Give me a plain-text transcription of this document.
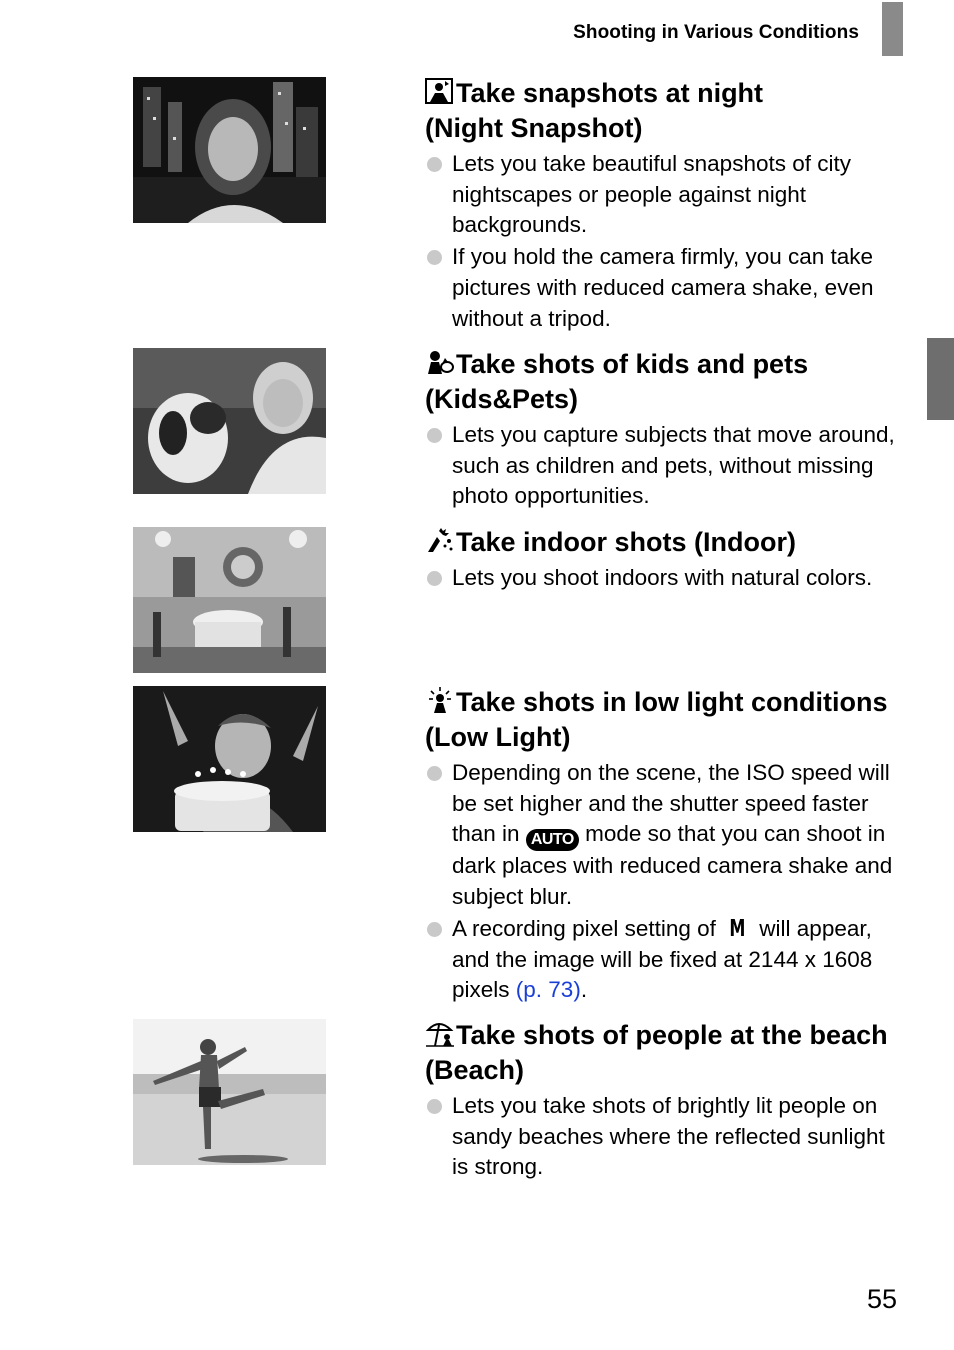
Shooting in Various Conditions
Take snapshots at night
(Night Snapshot)
Lets you take beautiful snapshots of city nightscapes or people against night backgrounds.
If you hold the camera firmly, you can take pictures with reduced camera shake, even without a tripod.
Take shots of kids and pets (Kids&Pets)
Lets you capture subjects that move around, such as children and pets, without missing photo opportunities.
Take indoor shots (Indoor)
Lets you shoot indoors with natural colors.
Take shots in low light conditions (Low Light)
Depending on the scene, the ISO speed will be set higher and the shutter speed faster than in AUTO mode so that you can shoot in dark places with reduced camera shake and subject blur.
A recording pixel setting of M will appear, and the image will be fixed at 2144 x 1608 pixels (p. 73).
Take shots of people at the beach (Beach)
Lets you take shots of brightly lit people on sandy beaches where the reflected sunlight is strong.
55
